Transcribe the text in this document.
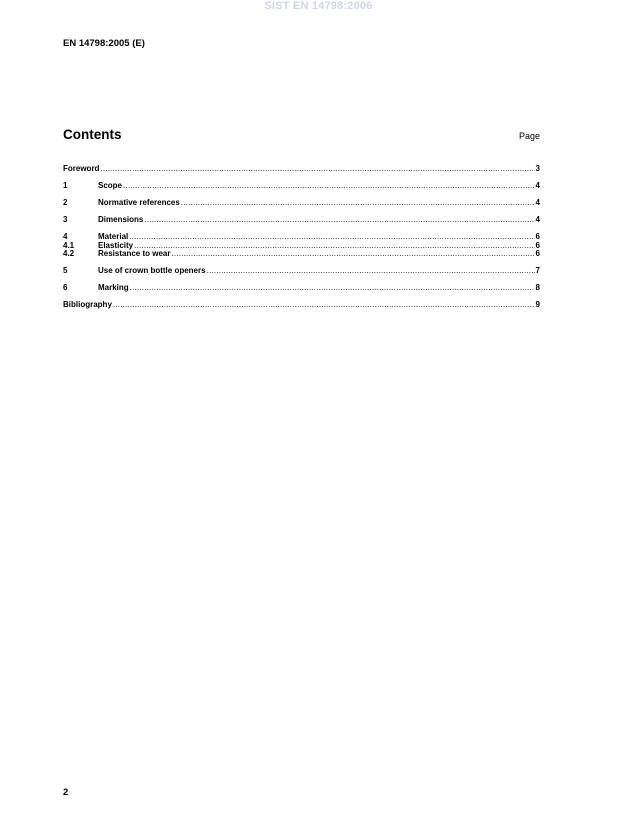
SIST EN 14798:2006
EN 14798:2005 (E)
Contents	Page
Foreword .....	3
1	Scope .....	4
2	Normative references .....	4
3	Dimensions .....	4
4	Material .....	6
4.1	Elasticity .....	6
4.2	Resistance to wear .....	6
5	Use of crown bottle openers .....	7
6	Marking .....	8
Bibliography .....	9
2
